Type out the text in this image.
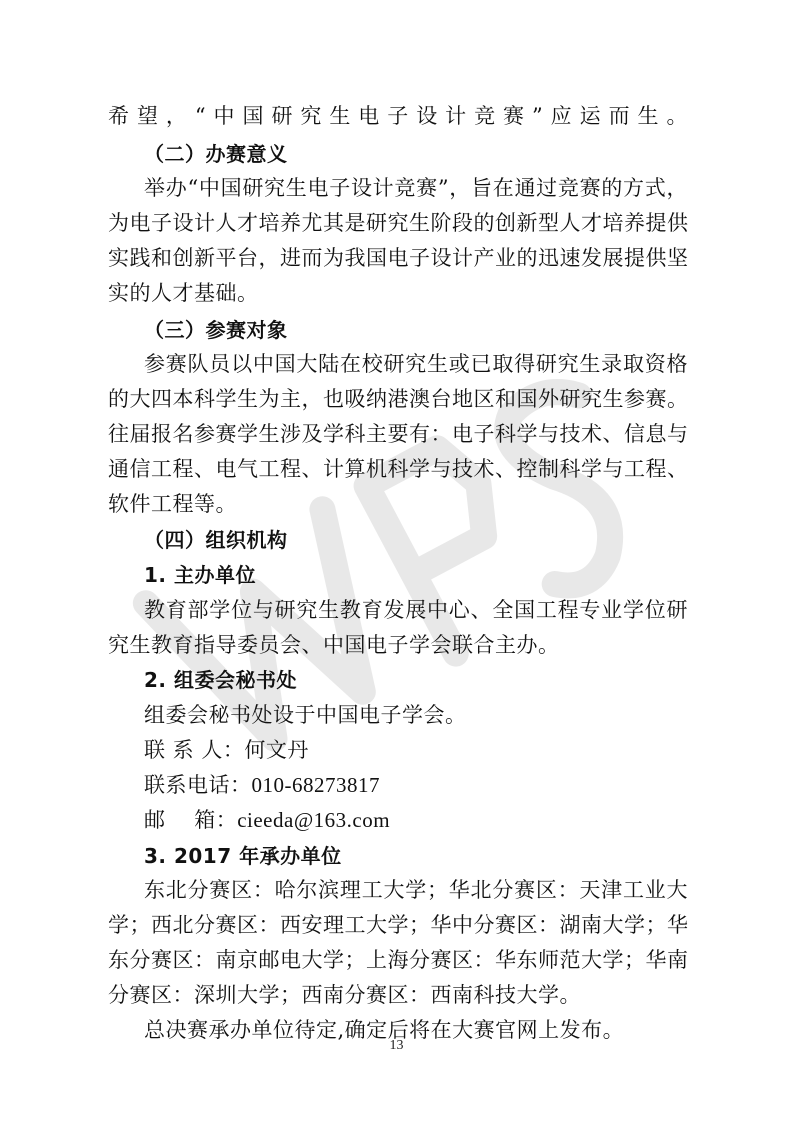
希望，“中国研究生电子设计竞赛”应运而生。
（二）办赛意义
举办“中国研究生电子设计竞赛”，旨在通过竞赛的方式，
为电子设计人才培养尤其是研究生阶段的创新型人才培养提供
实践和创新平台，进而为我国电子设计产业的迅速发展提供坚
实的人才基础。
（三）参赛对象
参赛队员以中国大陆在校研究生或已取得研究生录取资格
的大四本科学生为主，也吸纳港澳台地区和国外研究生参赛。
往届报名参赛学生涉及学科主要有：电子科学与技术、信息与
通信工程、电气工程、计算机科学与技术、控制科学与工程、
软件工程等。
（四）组织机构
1. 主办单位
教育部学位与研究生教育发展中心、全国工程专业学位研
究生教育指导委员会、中国电子学会联合主办。
2. 组委会秘书处
组委会秘书处设于中国电子学会。
联 系 人：何文丹
联系电话：010-68273817
邮    箱：cieeda@163.com
3. 2017 年承办单位
东北分赛区：哈尔滨理工大学；华北分赛区：天津工业大
学；西北分赛区：西安理工大学；华中分赛区：湖南大学；华
东分赛区：南京邮电大学；上海分赛区：华东师范大学；华南
分赛区：深圳大学；西南分赛区：西南科技大学。
总决赛承办单位待定,确定后将在大赛官网上发布。
13
